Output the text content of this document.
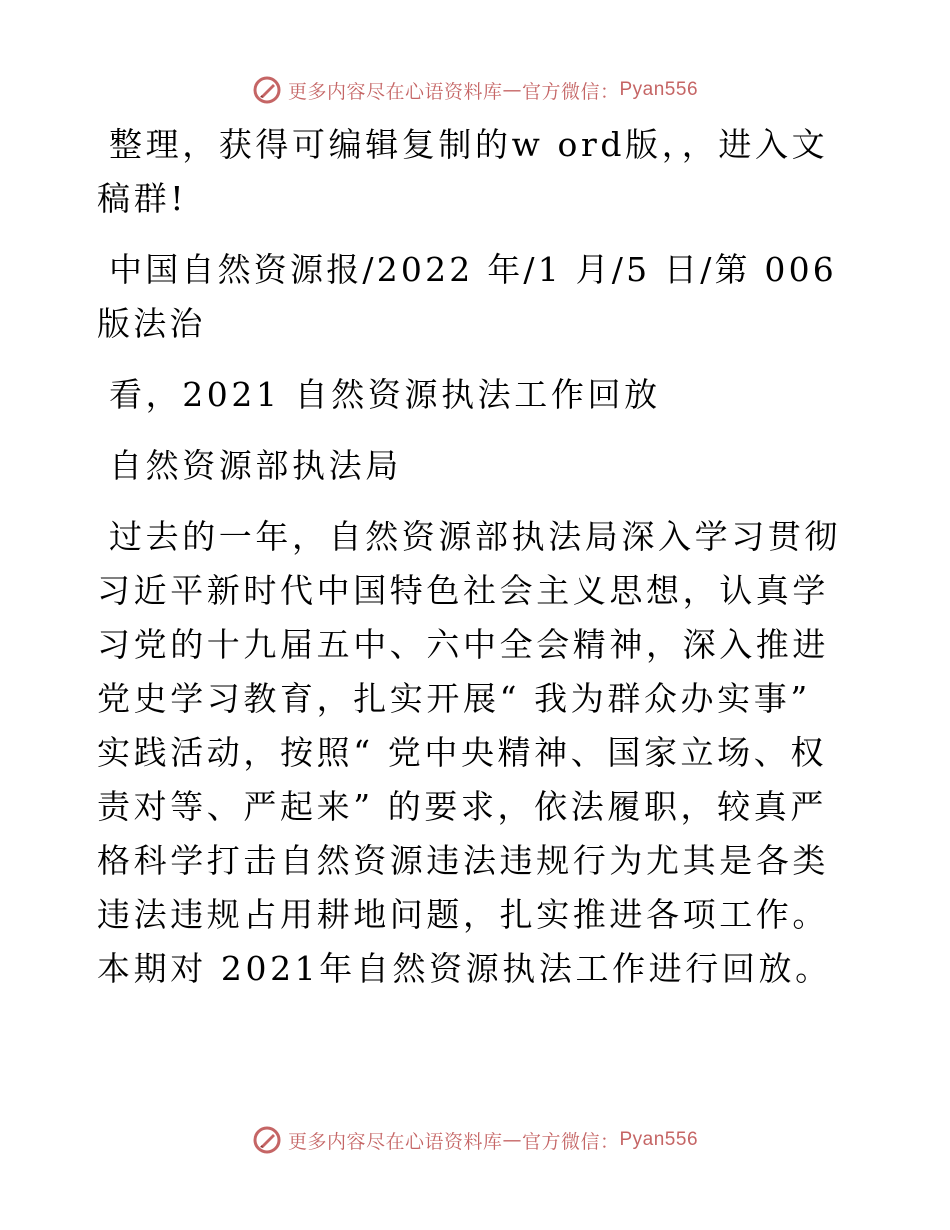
更多内容尽在心语资料库 — 官方微信： Pyan556

整理，获得可编辑复制的w ord版，，进入文稿群!

中国自然资源报/2022 年/1 月/5 日/第 006 版法治

看，2021 自然资源执法工作回放

自然资源部执法局

过去的一年，自然资源部执法局深入学习贯彻习近平新时代中国特色社会主义思想，认真学习党的十九届五中、六中全会精神，深入推进党史学习教育，扎实开展“ 我为群众办实事” 实践活动，按照“ 党中央精神、国家立场、权责对等、严起来” 的要求，依法履职，较真严格科学打击自然资源违法违规行为尤其是各类违法违规占用耕地问题，扎实推进各项工作。本期对 2021年自然资源执法工作进行回放。

更多内容尽在心语资料库 — 官方微信： Pyan556
